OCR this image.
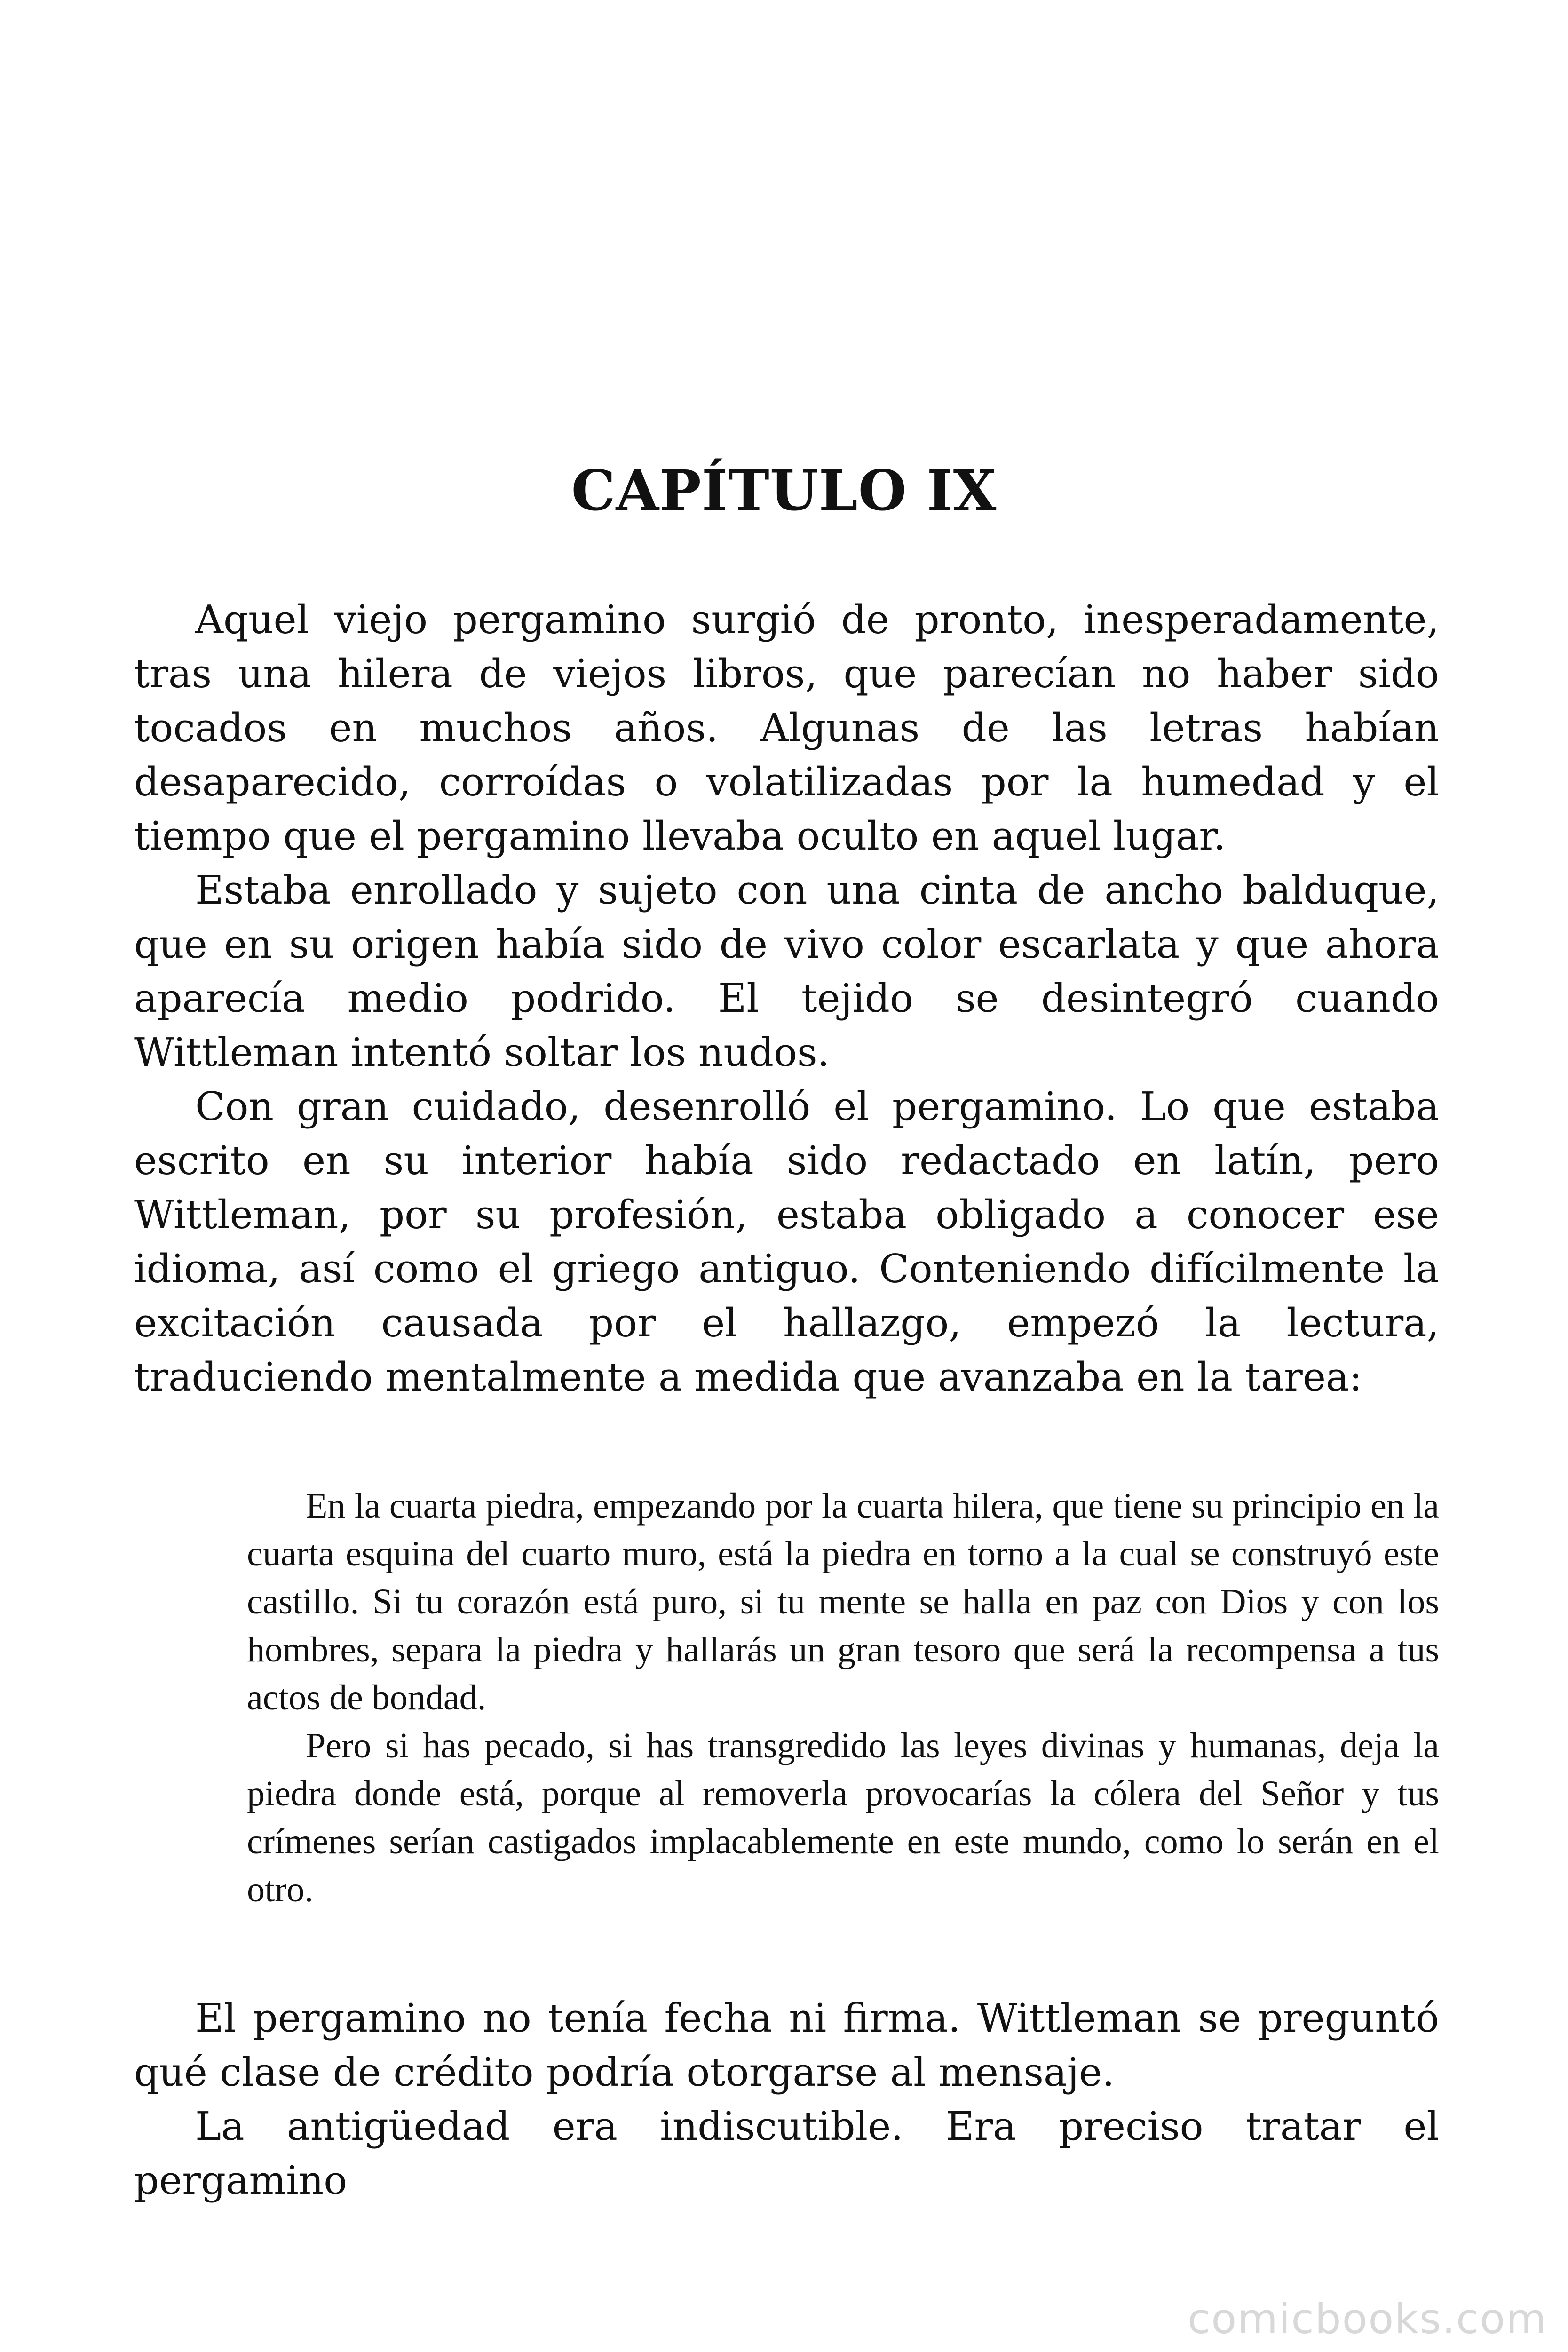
CAPÍTULO IX

Aquel viejo pergamino surgió de pronto, inesperadamente, tras una hilera de viejos libros, que parecían no haber sido tocados en muchos años. Algunas de las letras habían desaparecido, corroídas o volatilizadas por la humedad y el tiempo que el pergamino llevaba oculto en aquel lugar.

Estaba enrollado y sujeto con una cinta de ancho balduque, que en su origen había sido de vivo color escarlata y que ahora aparecía medio podrido. El tejido se desintegró cuando Wittleman intentó soltar los nudos.

Con gran cuidado, desenrolló el pergamino. Lo que estaba escrito en su interior había sido redactado en latín, pero Wittleman, por su profesión, estaba obligado a conocer ese idioma, así como el griego antiguo. Conteniendo difícilmente la excitación causada por el hallazgo, empezó la lectura, traduciendo mentalmente a medida que avanzaba en la tarea:

En la cuarta piedra, empezando por la cuarta hilera, que tiene su principio en la cuarta esquina del cuarto muro, está la piedra en torno a la cual se construyó este castillo. Si tu corazón está puro, si tu mente se halla en paz con Dios y con los hombres, separa la piedra y hallarás un gran tesoro que será la recompensa a tus actos de bondad.

Pero si has pecado, si has transgredido las leyes divinas y humanas, deja la piedra donde está, porque al removerla provocarías la cólera del Señor y tus crímenes serían castigados implacablemente en este mundo, como lo serán en el otro.

El pergamino no tenía fecha ni firma. Wittleman se preguntó qué clase de crédito podría otorgarse al mensaje.

La antigüedad era indiscutible. Era preciso tratar el pergamino

comicbooks.com
